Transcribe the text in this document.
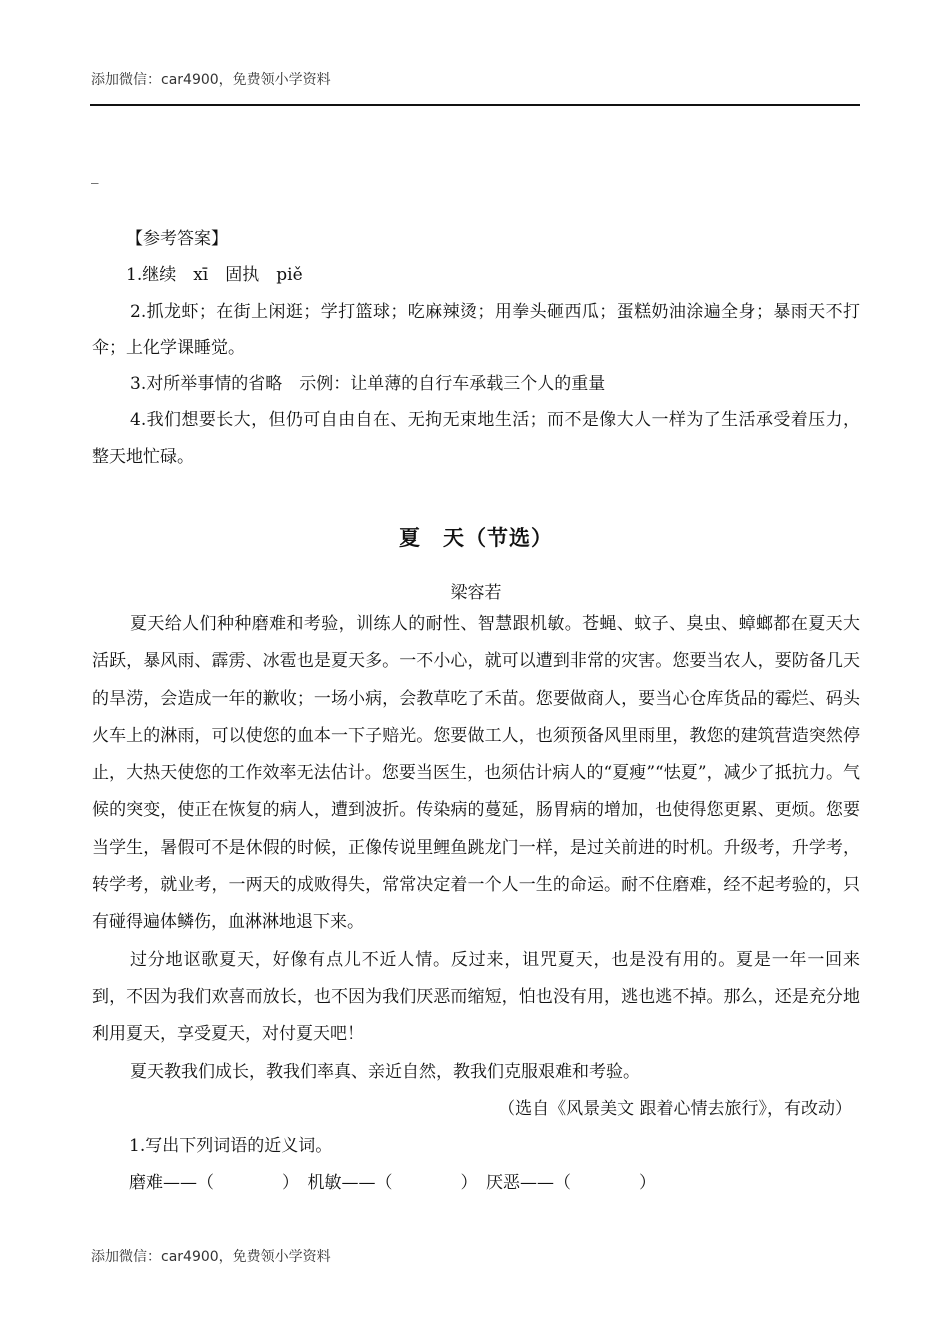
添加微信：car4900，免费领小学资料
_

【参考答案】

1.继续　xī　固执　piě

2.抓龙虾；在街上闲逛；学打篮球；吃麻辣烫；用拳头砸西瓜；蛋糕奶油涂遍全身；暴雨天不打伞；上化学课睡觉。

3.对所举事情的省略　示例：让单薄的自行车承载三个人的重量

4.我们想要长大，但仍可自由自在、无拘无束地生活；而不是像大人一样为了生活承受着压力，整天地忙碌。

夏　天（节选）
梁容若

夏天给人们种种磨难和考验，训练人的耐性、智慧跟机敏。苍蝇、蚊子、臭虫、蟑螂都在夏天大活跃，暴风雨、霹雳、冰雹也是夏天多。一不小心，就可以遭到非常的灾害。您要当农人，要防备几天的旱涝，会造成一年的歉收；一场小病，会教草吃了禾苗。您要做商人，要当心仓库货品的霉烂、码头火车上的淋雨，可以使您的血本一下子赔光。您要做工人，也须预备风里雨里，教您的建筑营造突然停止，大热天使您的工作效率无法估计。您要当医生，也须估计病人的“夏瘦”“怯夏”，减少了抵抗力。气候的突变，使正在恢复的病人，遭到波折。传染病的蔓延，肠胃病的增加，也使得您更累、更烦。您要当学生，暑假可不是休假的时候，正像传说里鲤鱼跳龙门一样，是过关前进的时机。升级考，升学考，转学考，就业考，一两天的成败得失，常常决定着一个人一生的命运。耐不住磨难，经不起考验的，只有碰得遍体鳞伤，血淋淋地退下来。

过分地讴歌夏天，好像有点儿不近人情。反过来，诅咒夏天，也是没有用的。夏是一年一回来到，不因为我们欢喜而放长，也不因为我们厌恶而缩短，怕也没有用，逃也逃不掉。那么，还是充分地利用夏天，享受夏天，对付夏天吧！

夏天教我们成长，教我们率真、亲近自然，教我们克服艰难和考验。

（选自《风景美文 跟着心情去旅行》，有改动）

1.写出下列词语的近义词。

磨难——（　　　　）　机敏——（　　　　）　厌恶——（　　　　）

添加微信：car4900，免费领小学资料
